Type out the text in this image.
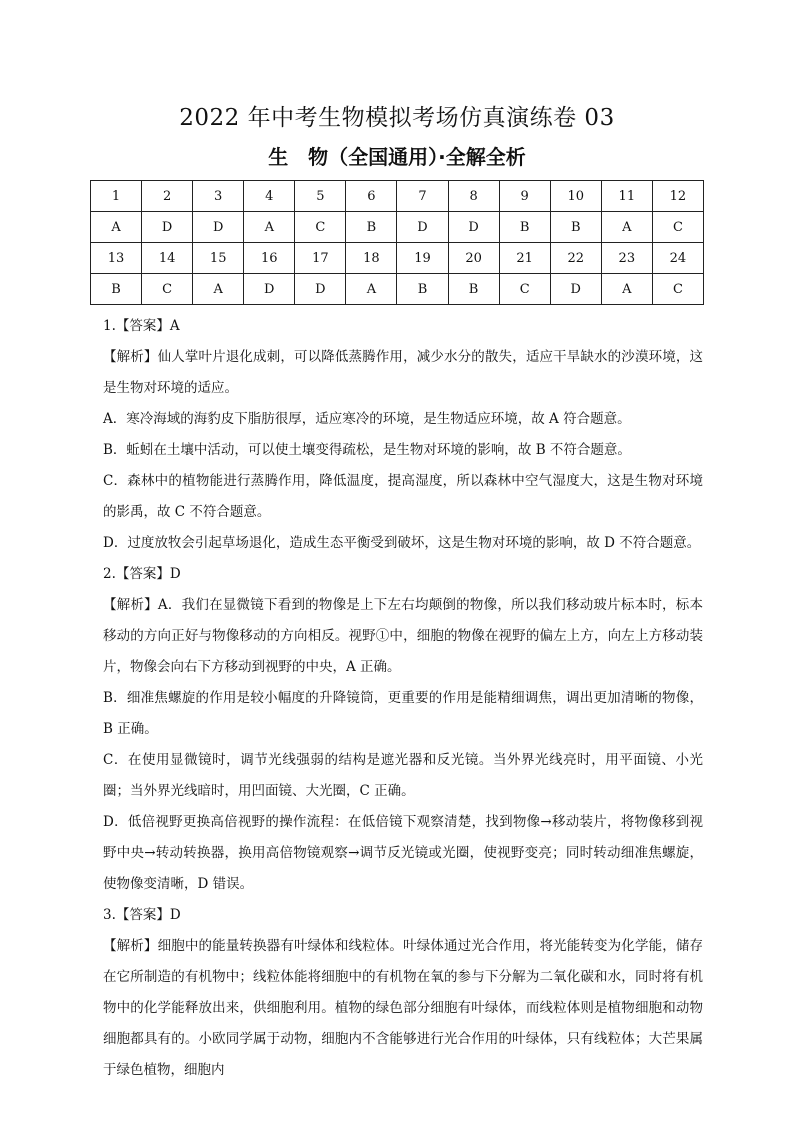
2022 年中考生物模拟考场仿真演练卷 03
生　物（全国通用）·全解全析
1	2	3	4	5	6	7	8	9	10	11	12
A	D	D	A	C	B	D	D	B	B	A	C
13	14	15	16	17	18	19	20	21	22	23	24
B	C	A	D	D	A	B	B	C	D	A	C

1.【答案】A

【解析】仙人掌叶片退化成刺，可以降低蒸腾作用，减少水分的散失，适应干旱缺水的沙漠环境，这是生物对环境的适应。

A．寒冷海域的海豹皮下脂肪很厚，适应寒冷的环境，是生物适应环境，故 A 符合题意。

B．蚯蚓在土壤中活动，可以使土壤变得疏松，是生物对环境的影响，故 B 不符合题意。

C．森林中的植物能进行蒸腾作用，降低温度，提高湿度，所以森林中空气湿度大，这是生物对环境的影禹，故 C 不符合题意。

D．过度放牧会引起草场退化，造成生态平衡受到破坏，这是生物对环境的影响，故 D 不符合题意。

2.【答案】D

【解析】A．我们在显微镜下看到的物像是上下左右均颠倒的物像，所以我们移动玻片标本时，标本移动的方向正好与物像移动的方向相反。视野①中，细胞的物像在视野的偏左上方，向左上方移动装片，物像会向右下方移动到视野的中央，A 正确。

B．细准焦螺旋的作用是较小幅度的升降镜筒，更重要的作用是能精细调焦，调出更加清晰的物像，B 正确。

C．在使用显微镜时，调节光线强弱的结构是遮光器和反光镜。当外界光线亮时，用平面镜、小光圈；当外界光线暗时，用凹面镜、大光圈，C 正确。

D．低倍视野更换高倍视野的操作流程：在低倍镜下观察清楚，找到物像→移动装片，将物像移到视野中央→转动转换器，换用高倍物镜观察→调节反光镜或光圈，使视野变亮；同时转动细准焦螺旋，使物像变清晰，D 错误。

3.【答案】D

【解析】细胞中的能量转换器有叶绿体和线粒体。叶绿体通过光合作用，将光能转变为化学能，储存在它所制造的有机物中；线粒体能将细胞中的有机物在氧的参与下分解为二氧化碳和水，同时将有机物中的化学能释放出来，供细胞利用。植物的绿色部分细胞有叶绿体，而线粒体则是植物细胞和动物细胞都具有的。小欧同学属于动物，细胞内不含能够进行光合作用的叶绿体，只有线粒体；大芒果属于绿色植物，细胞内
